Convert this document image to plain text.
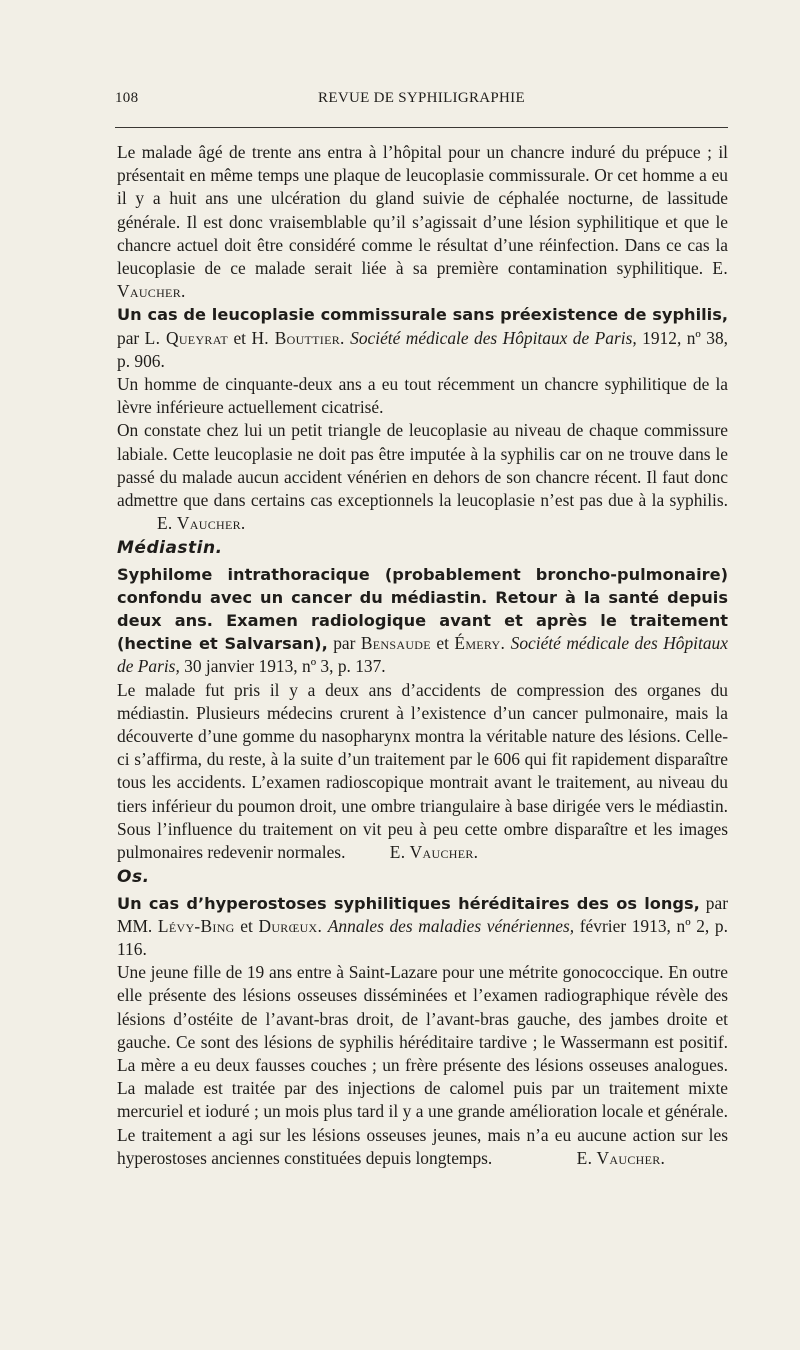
108	REVUE DE SYPHILIGRAPHIE

Le malade âgé de trente ans entra à l’hôpital pour un chancre induré du prépuce ; il présentait en même temps une plaque de leucoplasie commissurale. Or cet homme a eu il y a huit ans une ulcération du gland suivie de céphalée nocturne, de lassitude générale. Il est donc vraisemblable qu’il s’agissait d’une lésion syphilitique et que le chancre actuel doit être considéré comme le résultat d’une réinfection. Dans ce cas la leucoplasie de ce malade serait liée à sa première contamination syphilitique. E. Vaucher.

Un cas de leucoplasie commissurale sans préexistence de syphilis, par L. Queyrat et H. Bouttier. Société médicale des Hôpitaux de Paris, 1912, nº 38, p. 906.

Un homme de cinquante-deux ans a eu tout récemment un chancre syphilitique de la lèvre inférieure actuellement cicatrisé.

On constate chez lui un petit triangle de leucoplasie au niveau de chaque commissure labiale. Cette leucoplasie ne doit pas être imputée à la syphilis car on ne trouve dans le passé du malade aucun accident vénérien en dehors de son chancre récent. Il faut donc admettre que dans certains cas exceptionnels la leucoplasie n’est pas due à la syphilis. E. Vaucher.

Médiastin.

Syphilome intrathoracique (probablement broncho-pulmonaire) confondu avec un cancer du médiastin. Retour à la santé depuis deux ans. Examen radiologique avant et après le traitement (hectine et Salvarsan), par Bensaude et Émery. Société médicale des Hôpitaux de Paris, 30 janvier 1913, nº 3, p. 137.

Le malade fut pris il y a deux ans d’accidents de compression des organes du médiastin. Plusieurs médecins crurent à l’existence d’un cancer pulmonaire, mais la découverte d’une gomme du nasopharynx montra la véritable nature des lésions. Celle-ci s’affirma, du reste, à la suite d’un traitement par le 606 qui fit rapidement disparaître tous les accidents. L’examen radioscopique montrait avant le traitement, au niveau du tiers inférieur du poumon droit, une ombre triangulaire à base dirigée vers le médiastin. Sous l’influence du traitement on vit peu à peu cette ombre disparaître et les images pulmonaires redevenir normales.	E. Vaucher.

Os.

Un cas d’hyperostoses syphilitiques héréditaires des os longs, par MM. Lévy-Bing et Durœux. Annales des maladies vénériennes, février 1913, nº 2, p. 116.

Une jeune fille de 19 ans entre à Saint-Lazare pour une métrite gonococcique. En outre elle présente des lésions osseuses disséminées et l’examen radiographique révèle des lésions d’ostéite de l’avant-bras droit, de l’avant-bras gauche, des jambes droite et gauche. Ce sont des lésions de syphilis héréditaire tardive ; le Wassermann est positif. La mère a eu deux fausses couches ; un frère présente des lésions osseuses analogues. La malade est traitée par des injections de calomel puis par un traitement mixte mercuriel et ioduré ; un mois plus tard il y a une grande amélioration locale et générale. Le traitement a agi sur les lésions osseuses jeunes, mais n’a eu aucune action sur les hyperostoses anciennes constituées depuis longtemps.	E. Vaucher.
